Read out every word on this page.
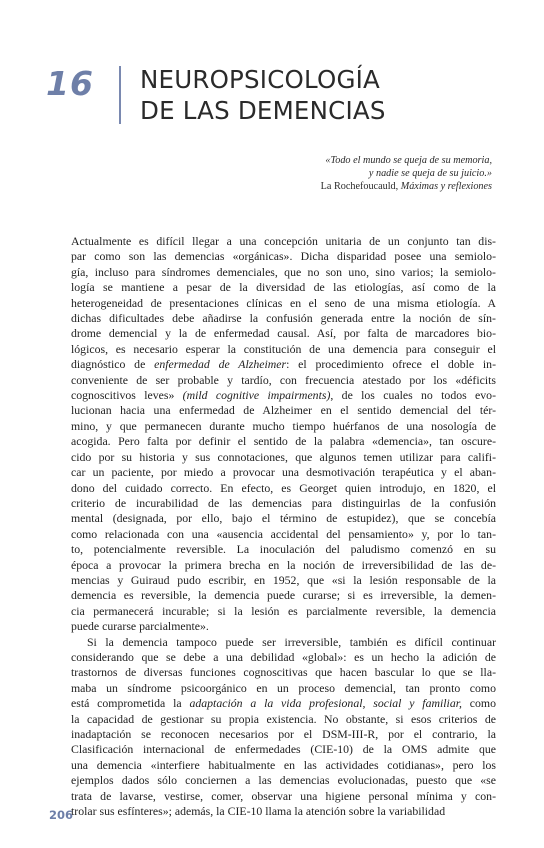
16 NEUROPSICOLOGÍA
DE LAS DEMENCIAS
«Todo el mundo se queja de su memoria,
y nadie se queja de su juicio.»
La Rochefoucauld, Máximas y reflexiones
Actualmente es difícil llegar a una concepción unitaria de un conjunto tan dis-
par como son las demencias «orgánicas». Dicha disparidad posee una semiolo-
gía, incluso para síndromes demenciales, que no son uno, sino varios; la semiolo-
logía se mantiene a pesar de la diversidad de las etiologías, así como de la
heterogeneidad de presentaciones clínicas en el seno de una misma etiología. A
dichas dificultades debe añadirse la confusión generada entre la noción de sín-
drome demencial y la de enfermedad causal. Así, por falta de marcadores bio-
lógicos, es necesario esperar la constitución de una demencia para conseguir el
diagnóstico de enfermedad de Alzheimer: el procedimiento ofrece el doble in-
conveniente de ser probable y tardío, con frecuencia atestado por los «déficits
cognoscitivos leves» (mild cognitive impairments), de los cuales no todos evo-
lucionan hacia una enfermedad de Alzheimer en el sentido demencial del tér-
mino, y que permanecen durante mucho tiempo huérfanos de una nosología de
acogida. Pero falta por definir el sentido de la palabra «demencia», tan oscure-
cido por su historia y sus connotaciones, que algunos temen utilizar para califi-
car un paciente, por miedo a provocar una desmotivación terapéutica y el aban-
dono del cuidado correcto. En efecto, es Georget quien introdujo, en 1820, el
criterio de incurabilidad de las demencias para distinguirlas de la confusión
mental (designada, por ello, bajo el término de estupidez), que se concebía
como relacionada con una «ausencia accidental del pensamiento» y, por lo tan-
to, potencialmente reversible. La inoculación del paludismo comenzó en su
época a provocar la primera brecha en la noción de irreversibilidad de las de-
mencias y Guiraud pudo escribir, en 1952, que «si la lesión responsable de la
demencia es reversible, la demencia puede curarse; si es irreversible, la demen-
cia permanecerá incurable; si la lesión es parcialmente reversible, la demencia
puede curarse parcialmente».
Si la demencia tampoco puede ser irreversible, también es difícil continuar
considerando que se debe a una debilidad «global»: es un hecho la adición de
trastornos de diversas funciones cognoscitivas que hacen bascular lo que se lla-
maba un síndrome psicoorgánico en un proceso demencial, tan pronto como
está comprometida la adaptación a la vida profesional, social y familiar, como
la capacidad de gestionar su propia existencia. No obstante, si esos criterios de
inadaptación se reconocen necesarios por el DSM-III-R, por el contrario, la
Clasificación internacional de enfermedades (CIE-10) de la OMS admite que
una demencia «interfiere habitualmente en las actividades cotidianas», pero los
ejemplos dados sólo conciernen a las demencias evolucionadas, puesto que «se
trata de lavarse, vestirse, comer, observar una higiene personal mínima y con-
trolar sus esfínteres»; además, la CIE-10 llama la atención sobre la variabilidad
206
